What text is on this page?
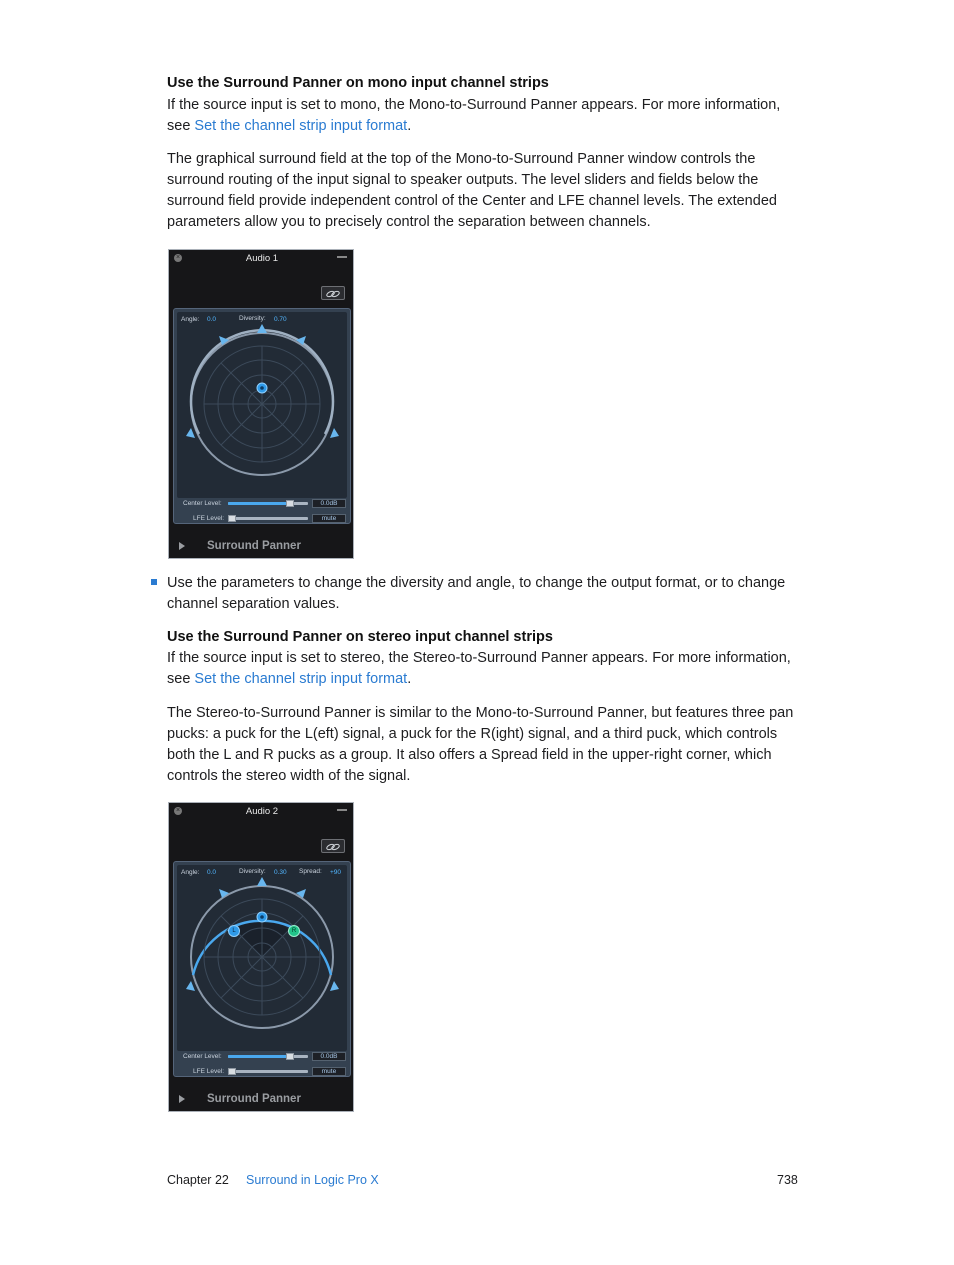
Use the Surround Panner on mono input channel strips
If the source input is set to mono, the Mono-to-Surround Panner appears. For more information,
see Set the channel strip input format.
The graphical surround field at the top of the Mono-to-Surround Panner window controls the surround routing of the input signal to speaker outputs. The level sliders and fields below the surround field provide independent control of the Center and LFE channel levels. The extended parameters allow you to precisely control the separation between channels.
×	Audio 1
Angle: 0.0	Diversity: 0.70
Center Level:	0.0dB
LFE Level:	mute
Surround Panner
Use the parameters to change the diversity and angle, to change the output format, or to change channel separation values.
Use the Surround Panner on stereo input channel strips
If the source input is set to stereo, the Stereo-to-Surround Panner appears. For more information,
see Set the channel strip input format.
The Stereo-to-Surround Panner is similar to the Mono-to-Surround Panner, but features three pan pucks: a puck for the L(eft) signal, a puck for the R(ight) signal, and a third puck, which controls both the L and R pucks as a group. It also offers a Spread field in the upper-right corner, which controls the stereo width of the signal.
×	Audio 2
Angle: 0.0	Diversity: 0.30 Spread: +90
L	R
Center Level:	0.0dB
LFE Level:	mute
Surround Panner
Chapter 22 Surround in Logic Pro X	738
